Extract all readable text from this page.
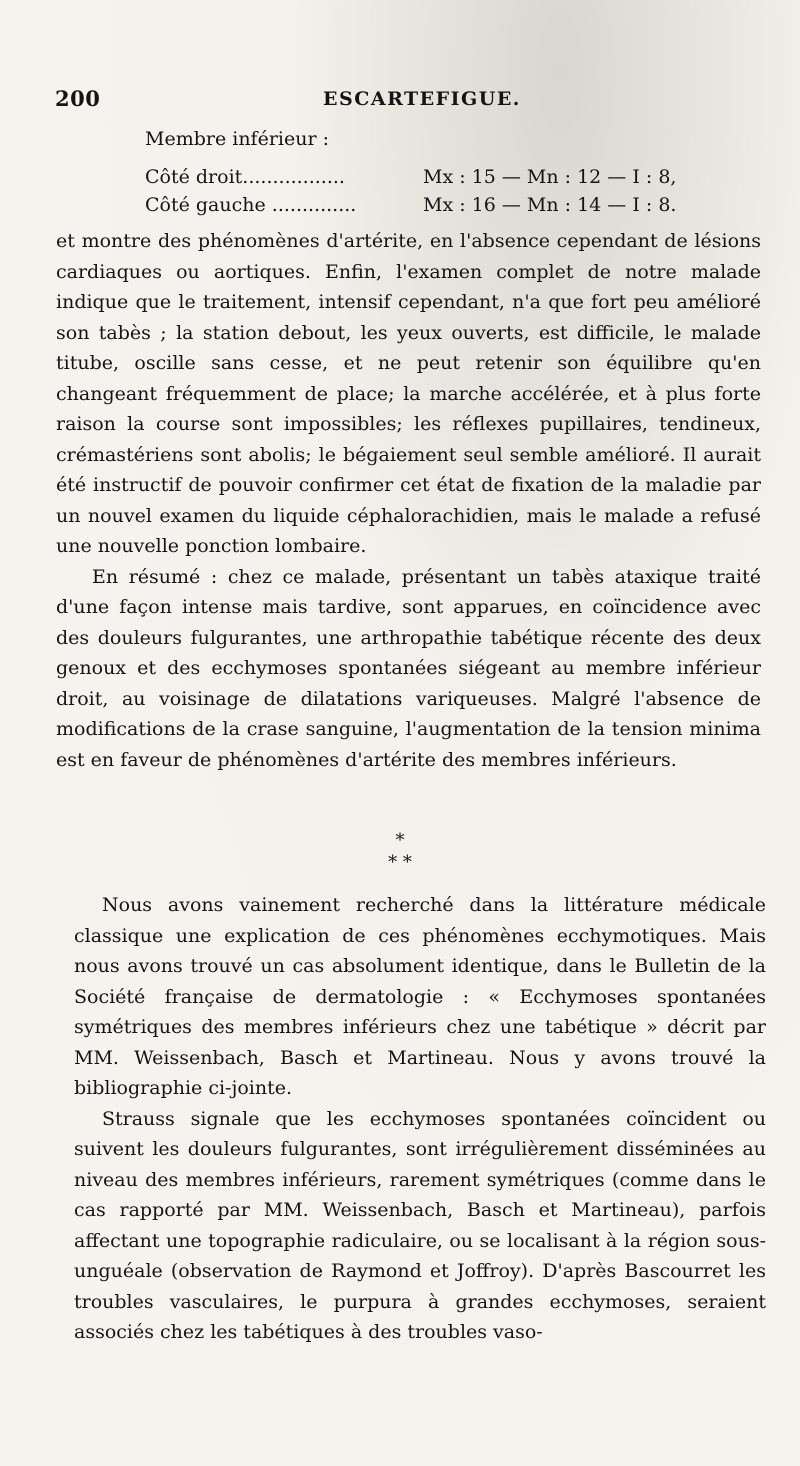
200	ESCARTEFIGUE.
Membre inférieur :
Côté droit.................	Mx : 15 — Mn : 12 — I : 8,
Côté gauche ..............	Mx : 16 — Mn : 14 — I : 8.

et montre des phénomènes d'artérite, en l'absence cependant de lésions cardiaques ou aortiques. Enfin, l'examen complet de notre malade indique que le traitement, intensif cependant, n'a que fort peu amélioré son tabès ; la station debout, les yeux ouverts, est difficile, le malade titube, oscille sans cesse, et ne peut retenir son équilibre qu'en changeant fréquemment de place; la marche accélérée, et à plus forte raison la course sont impossibles; les réflexes pupillaires, tendineux, crémastériens sont abolis; le bégaiement seul semble amélioré. Il aurait été instructif de pouvoir confirmer cet état de fixation de la maladie par un nouvel examen du liquide céphalorachidien, mais le malade a refusé une nouvelle ponction lombaire.

En résumé : chez ce malade, présentant un tabès ataxique traité d'une façon intense mais tardive, sont apparues, en coïncidence avec des douleurs fulgurantes, une arthropathie tabétique récente des deux genoux et des ecchymoses spontanées siégeant au membre inférieur droit, au voisinage de dilatations variqueuses. Malgré l'absence de modifications de la crase sanguine, l'augmentation de la tension minima est en faveur de phénomènes d'artérite des membres inférieurs.

*
* *

Nous avons vainement recherché dans la littérature médicale classique une explication de ces phénomènes ecchymotiques. Mais nous avons trouvé un cas absolument identique, dans le Bulletin de la Société française de dermatologie : « Ecchymoses spontanées symétriques des membres inférieurs chez une tabétique » décrit par MM. Weissenbach, Basch et Martineau. Nous y avons trouvé la bibliographie ci-jointe.

Strauss signale que les ecchymoses spontanées coïncident ou suivent les douleurs fulgurantes, sont irrégulièrement disséminées au niveau des membres inférieurs, rarement symétriques (comme dans le cas rapporté par MM. Weissenbach, Basch et Martineau), parfois affectant une topographie radiculaire, ou se localisant à la région sous-unguéale (observation de Raymond et Joffroy). D'après Bascourret les troubles vasculaires, le purpura à grandes ecchymoses, seraient associés chez les tabétiques à des troubles vaso-
